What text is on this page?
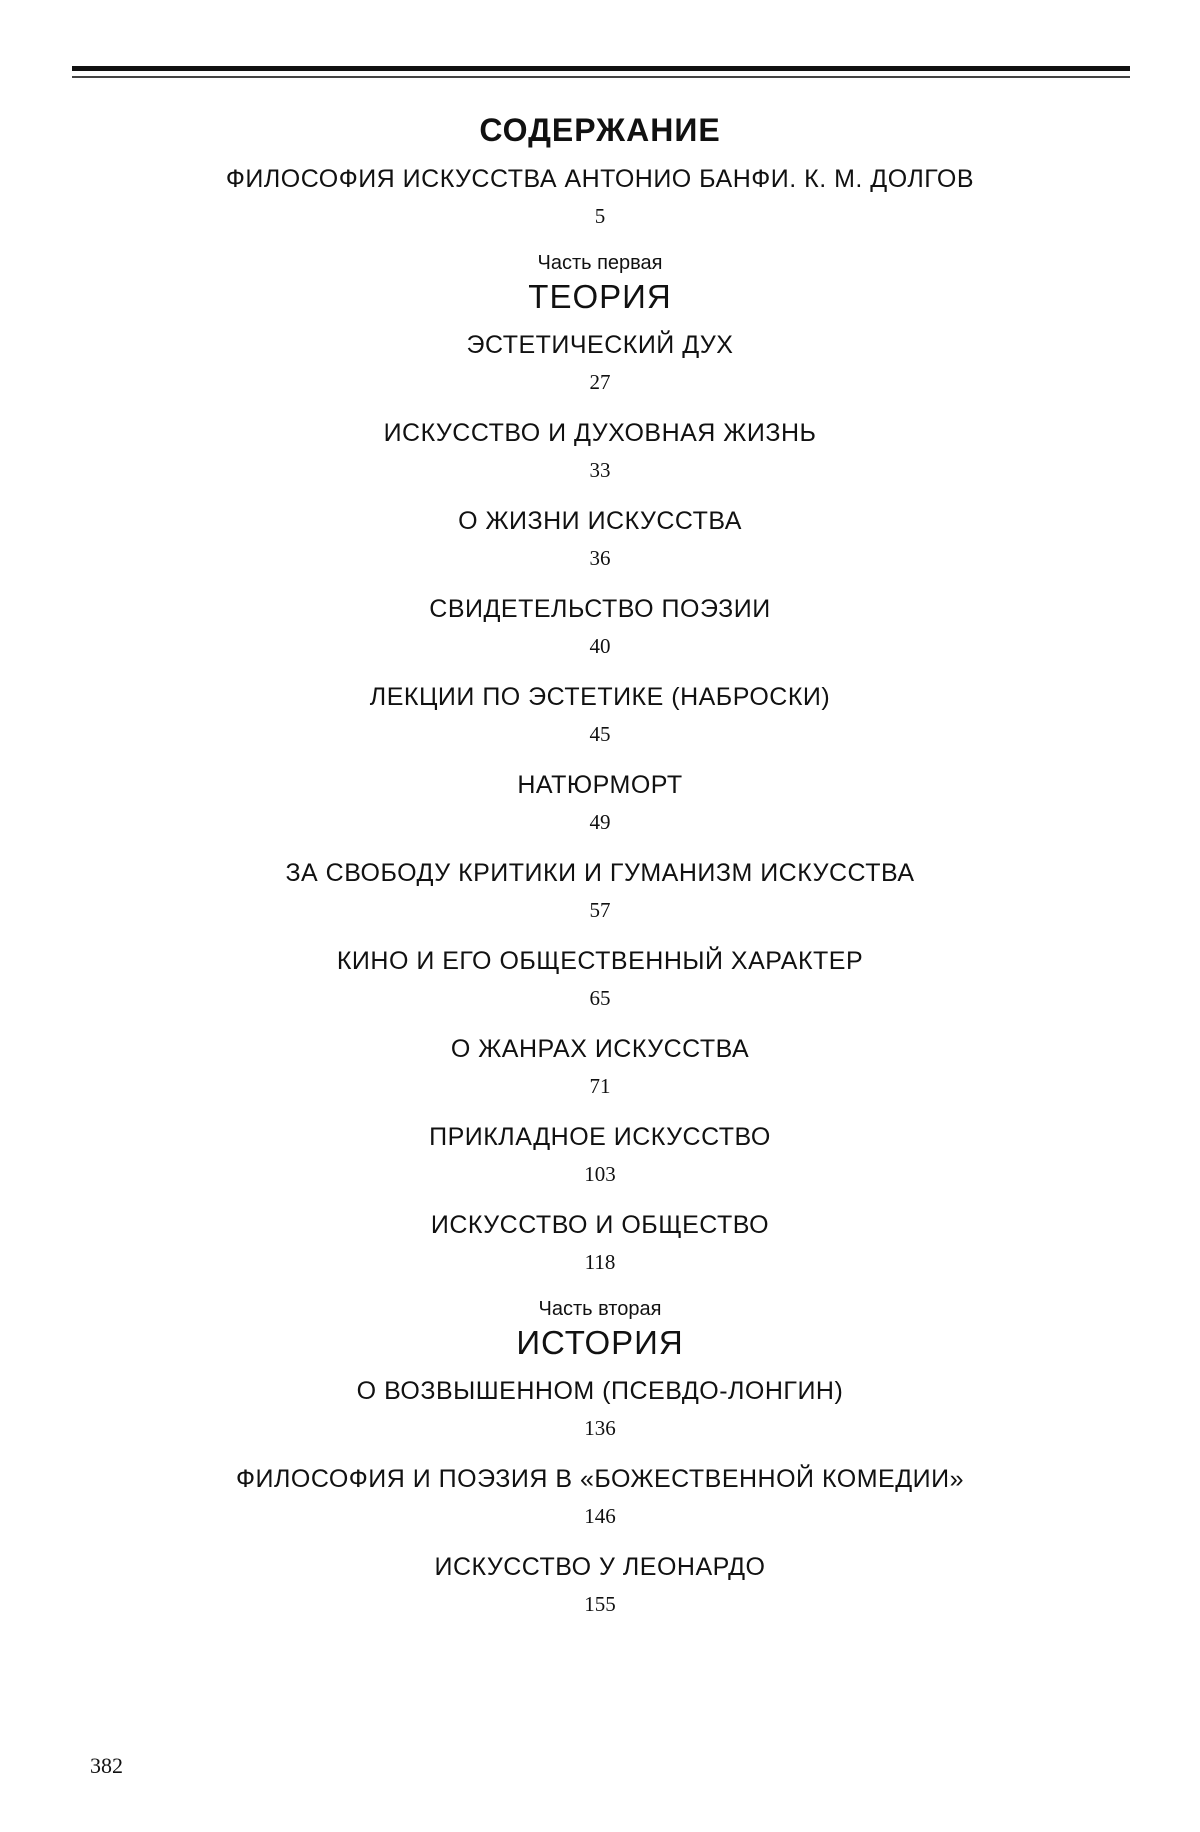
СОДЕРЖАНИЕ
ФИЛОСОФИЯ ИСКУССТВА АНТОНИО БАНФИ. К. М. ДОЛГОВ
5
Часть первая
ТЕОРИЯ
ЭСТЕТИЧЕСКИЙ ДУХ
27
ИСКУССТВО И ДУХОВНАЯ ЖИЗНЬ
33
О ЖИЗНИ ИСКУССТВА
36
СВИДЕТЕЛЬСТВО ПОЭЗИИ
40
ЛЕКЦИИ ПО ЭСТЕТИКЕ (НАБРОСКИ)
45
НАТЮРМОРТ
49
ЗА СВОБОДУ КРИТИКИ И ГУМАНИЗМ ИСКУССТВА
57
КИНО И ЕГО ОБЩЕСТВЕННЫЙ ХАРАКТЕР
65
О ЖАНРАХ ИСКУССТВА
71
ПРИКЛАДНОЕ ИСКУССТВО
103
ИСКУССТВО И ОБЩЕСТВО
118
Часть вторая
ИСТОРИЯ
О ВОЗВЫШЕННОМ (ПСЕВДО-ЛОНГИН)
136
ФИЛОСОФИЯ И ПОЭЗИЯ В «БОЖЕСТВЕННОЙ КОМЕДИИ»
146
ИСКУССТВО У ЛЕОНАРДО
155
382
